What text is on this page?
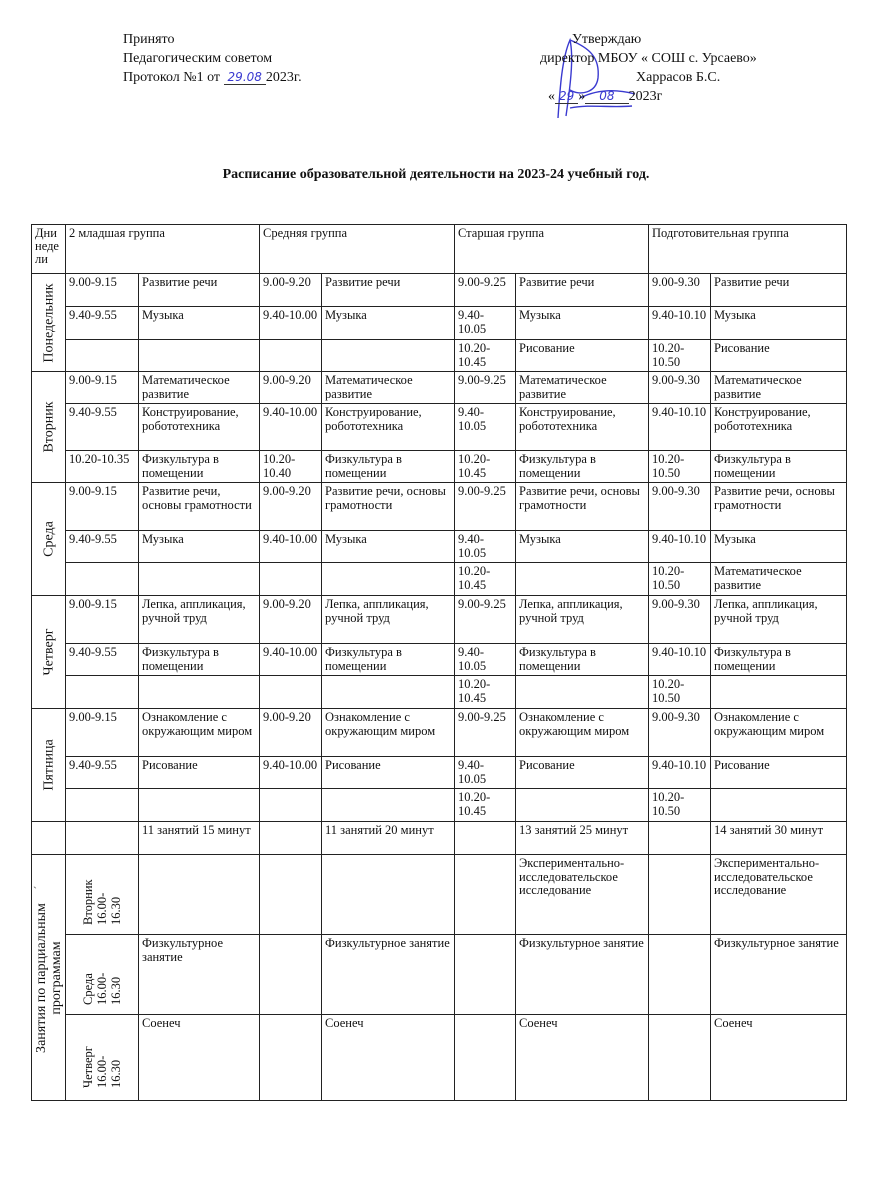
Принято
Педагогическим советом
Протокол №1 от 29.08 2023г.
Утверждаю
директор МБОУ « СОШ с. Урсаево»
Харрасов Б.С.
« 29 » 08 2023г
Расписание образовательной деятельности на 2023-24 учебный год.
Дни недели	2 младшая группа		Средняя группа		Старшая группа		Подготовительная группа	

Понедельник	9.00-9.15	Развитие речи	9.00-9.20	Развитие речи	9.00-9.25	Развитие речи	9.00-9.30	Развитие речи
	9.40-9.55	Музыка	9.40-10.00	Музыка	9.40-10.05	Музыка	9.40-10.10	Музыка
					10.20-10.45	Рисование	10.20-10.50	Рисование

Вторник	9.00-9.15	Математическое развитие	9.00-9.20	Математическое развитие	9.00-9.25	Математическое развитие	9.00-9.30	Математическое развитие
	9.40-9.55	Конструирование, робототехника	9.40-10.00	Конструирование, робототехника	9.40-10.05	Конструирование, робототехника	9.40-10.10	Конструирование, робототехника
	10.20-10.35	Физкультура в помещении	10.20-10.40	Физкультура в помещении	10.20-10.45	Физкультура в помещении	10.20-10.50	Физкультура в помещении

Среда	9.00-9.15	Развитие речи, основы грамотности	9.00-9.20	Развитие речи, основы грамотности	9.00-9.25	Развитие речи, основы грамотности	9.00-9.30	Развитие речи, основы грамотности
	9.40-9.55	Музыка	9.40-10.00	Музыка	9.40-10.05	Музыка	9.40-10.10	Музыка
					10.20-10.45		10.20-10.50	Математическое развитие

Четверг	9.00-9.15	Лепка, аппликация, ручной труд	9.00-9.20	Лепка, аппликация, ручной труд	9.00-9.25	Лепка, аппликация, ручной труд	9.00-9.30	Лепка, аппликация, ручной труд
	9.40-9.55	Физкультура в помещении	9.40-10.00	Физкультура в помещении	9.40-10.05	Физкультура в помещении	9.40-10.10	Физкультура в помещении
					10.20-10.45		10.20-10.50	

Пятница	9.00-9.15	Ознакомление с окружающим миром	9.00-9.20	Ознакомление с окружающим миром	9.00-9.25	Ознакомление с окружающим миром	9.00-9.30	Ознакомление с окружающим миром
	9.40-9.55	Рисование	9.40-10.00	Рисование	9.40-10.05	Рисование	9.40-10.10	Рисование
					10.20-10.45		10.20-10.50	
		11 занятий 15 минут		11 занятий 20 минут		13 занятий 25 минут		14 занятий 30 минут

Занятия по парциальным программам	Вторник 16.00-16.30					Экспериментально-исследовательское исследование		Экспериментально-исследовательское исследование

	Среда 16.00-16.30	Физкультурное занятие		Физкультурное занятие		Физкультурное занятие		Физкультурное занятие

	Четверг 16.00-16.30	Соенеч		Соенеч		Соенеч		Соенеч
`
